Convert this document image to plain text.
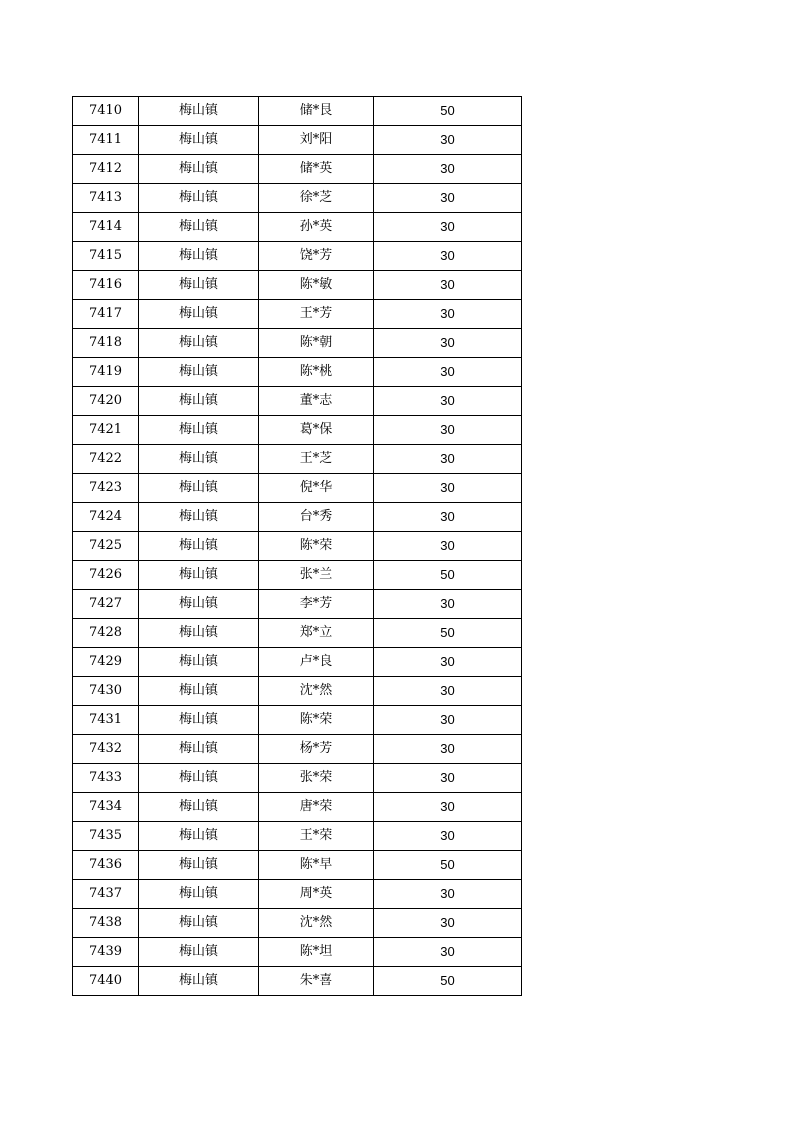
7410	梅山镇	储*艮	50
7411	梅山镇	刘*阳	30
7412	梅山镇	储*英	30
7413	梅山镇	徐*芝	30
7414	梅山镇	孙*英	30
7415	梅山镇	饶*芳	30
7416	梅山镇	陈*敏	30
7417	梅山镇	王*芳	30
7418	梅山镇	陈*朝	30
7419	梅山镇	陈*桃	30
7420	梅山镇	董*志	30
7421	梅山镇	葛*保	30
7422	梅山镇	王*芝	30
7423	梅山镇	倪*华	30
7424	梅山镇	台*秀	30
7425	梅山镇	陈*荣	30
7426	梅山镇	张*兰	50
7427	梅山镇	李*芳	30
7428	梅山镇	郑*立	50
7429	梅山镇	卢*良	30
7430	梅山镇	沈*然	30
7431	梅山镇	陈*荣	30
7432	梅山镇	杨*芳	30
7433	梅山镇	张*荣	30
7434	梅山镇	唐*荣	30
7435	梅山镇	王*荣	30
7436	梅山镇	陈*早	50
7437	梅山镇	周*英	30
7438	梅山镇	沈*然	30
7439	梅山镇	陈*坦	30
7440	梅山镇	朱*喜	50
